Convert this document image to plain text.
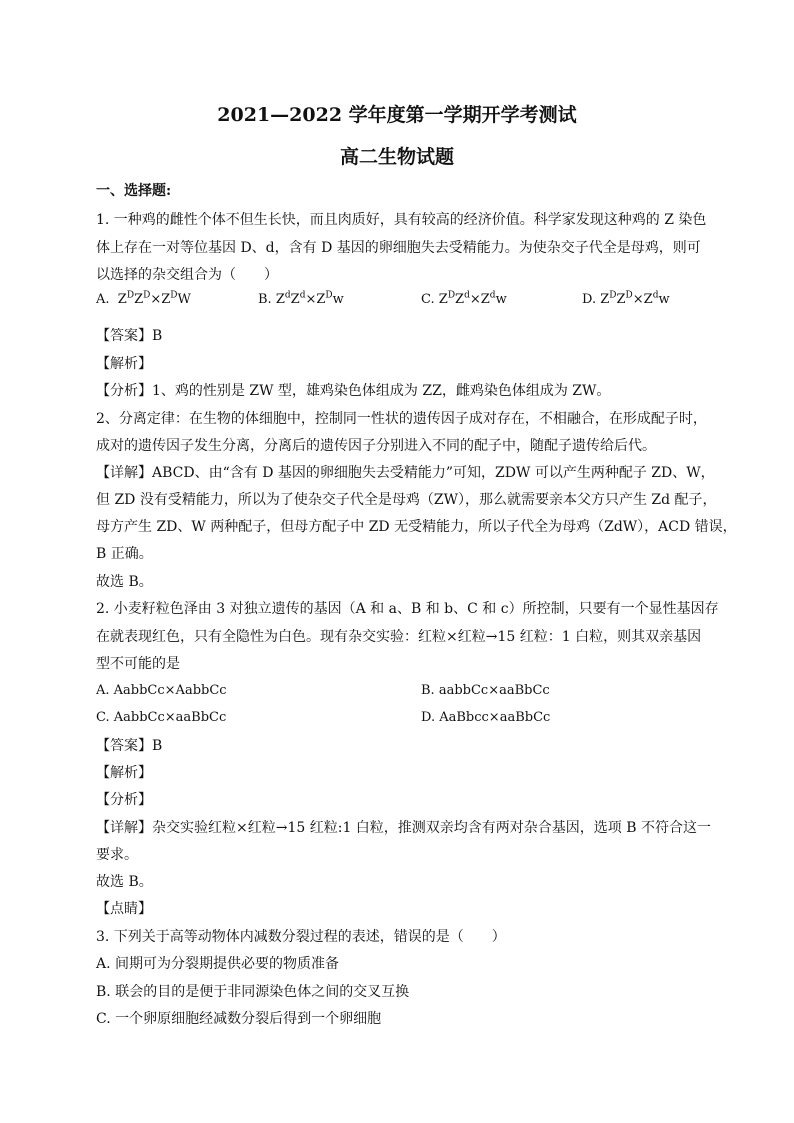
2021—2022 学年度第一学期开学考测试
高二生物试题
一、选择题:
1. 一种鸡的雌性个体不但生长快，而且肉质好，具有较高的经济价值。科学家发现这种鸡的 Z 染色
体上存在一对等位基因 D、d，含有 D 基因的卵细胞失去受精能力。为使杂交子代全是母鸡，则可
以选择的杂交组合为（　　）
A. $Z^DZ^D\times Z^DW$	B. $Z^dZ^d\times Z^Dw$	C. $Z^DZ^d\times Z^dw$	D. $Z^DZ^D\times Z^dw$
【答案】B
【解析】
【分析】1、鸡的性别是 ZW 型，雄鸡染色体组成为 ZZ，雌鸡染色体组成为 ZW。
2、分离定律：在生物的体细胞中，控制同一性状的遗传因子成对存在，不相融合，在形成配子时，
成对的遗传因子发生分离，分离后的遗传因子分别进入不同的配子中，随配子遗传给后代。
【详解】ABCD、由“含有 D 基因的卵细胞失去受精能力”可知，ZDW 可以产生两种配子 ZD、W，
但 ZD 没有受精能力，所以为了使杂交子代全是母鸡（ZW），那么就需要亲本父方只产生 Zd 配子，
母方产生 ZD、W 两种配子，但母方配子中 ZD 无受精能力，所以子代全为母鸡（ZdW），ACD 错误，
B 正确。
故选 B。
2. 小麦籽粒色泽由 3 对独立遗传的基因（A 和 a、B 和 b、C 和 c）所控制，只要有一个显性基因存
在就表现红色，只有全隐性为白色。现有杂交实验：红粒×红粒→15 红粒：1 白粒，则其双亲基因
型不可能的是
A. AabbCc×AabbCc	B. aabbCc×aaBbCc
C. AabbCc×aaBbCc	D. AaBbcc×aaBbCc
【答案】B
【解析】
【分析】
【详解】杂交实验红粒×红粒→15 红粒:1 白粒，推测双亲均含有两对杂合基因，选项 B 不符合这一
要求。
故选 B。
【点睛】
3. 下列关于高等动物体内减数分裂过程的表述，错误的是（　　）
A. 间期可为分裂期提供必要的物质准备
B. 联会的目的是便于非同源染色体之间的交叉互换
C. 一个卵原细胞经减数分裂后得到一个卵细胞
